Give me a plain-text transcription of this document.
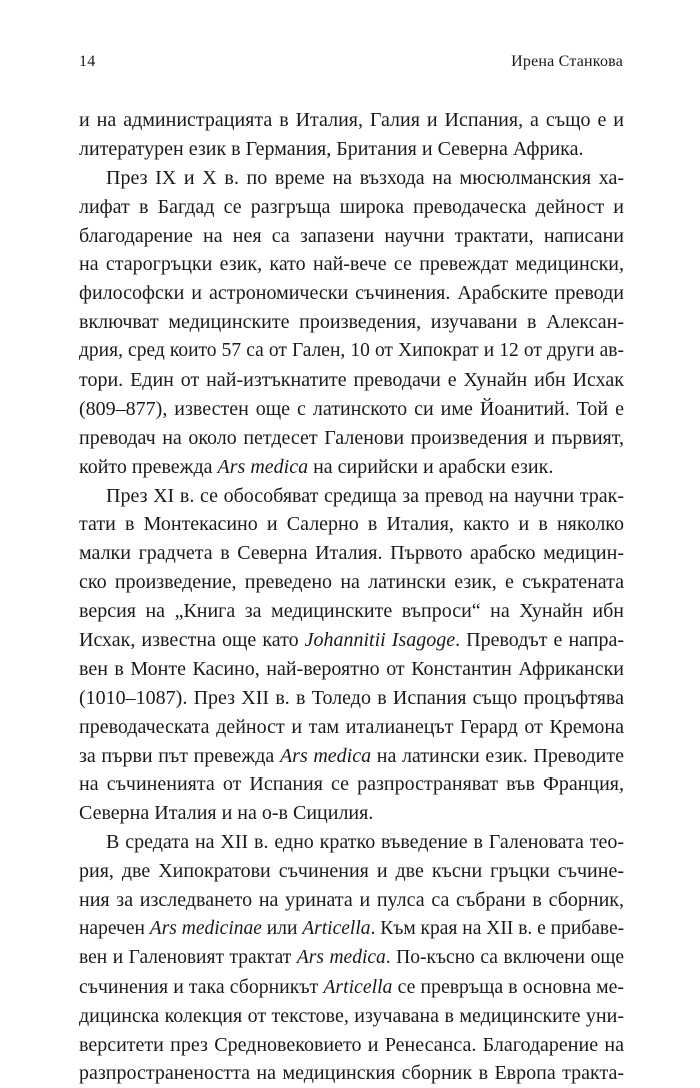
14	Ирена Станкова
и на администрацията в Италия, Галия и Испания, а също е и
литературен език в Германия, Британия и Северна Африка.
През IX и X в. по време на възхода на мюсюлманския ха-
лифат в Багдад се разгръща широка преводаческа дейност и
благодарение на нея са запазени научни трактати, написани
на старогръцки език, като най-вече се превеждат медицински,
философски и астрономически съчинения. Арабските преводи
включват медицинските произведения, изучавани в Алексан-
дрия, сред които 57 са от Гален, 10 от Хипократ и 12 от други ав-
тори. Един от най-изтъкнатите преводачи е Хунайн ибн Исхак
(809–877), известен още с латинското си име Йоанитий. Той е
преводач на около петдесет Галенови произведения и първият,
който превежда Ars medica на сирийски и арабски език.
През XI в. се обособяват средища за превод на научни трак-
тати в Монтекасино и Салерно в Италия, както и в няколко
малки градчета в Северна Италия. Първото арабско медицин-
ско произведение, преведено на латински език, е съкратената
версия на „Книга за медицинските въпроси“ на Хунайн ибн
Исхак, известна още като Johannitii Isagoge. Преводът е напра-
вен в Монте Касино, най-вероятно от Константин Африкански
(1010–1087). През XII в. в Толедо в Испания също процъфтява
преводаческата дейност и там италианецът Герард от Кремона
за първи път превежда Ars medica на латински език. Преводите
на съчиненията от Испания се разпространяват във Франция,
Северна Италия и на о-в Сицилия.
В средата на XII в. едно кратко въведение в Галеновата тео-
рия, две Хипократови съчинения и две късни гръцки съчине-
ния за изследването на урината и пулса са събрани в сборник,
наречен Ars medicinae или Articella. Към края на XII в. е прибаве-
вен и Галеновият трактат Ars medica. По-късно са включени още
съчинения и така сборникът Articella се превръща в основна ме-
дицинска колекция от текстове, изучавана в медицинските уни-
верситети през Средновековието и Ренесанса. Благодарение на
разпространеността на медицинския сборник в Европа тракта-
